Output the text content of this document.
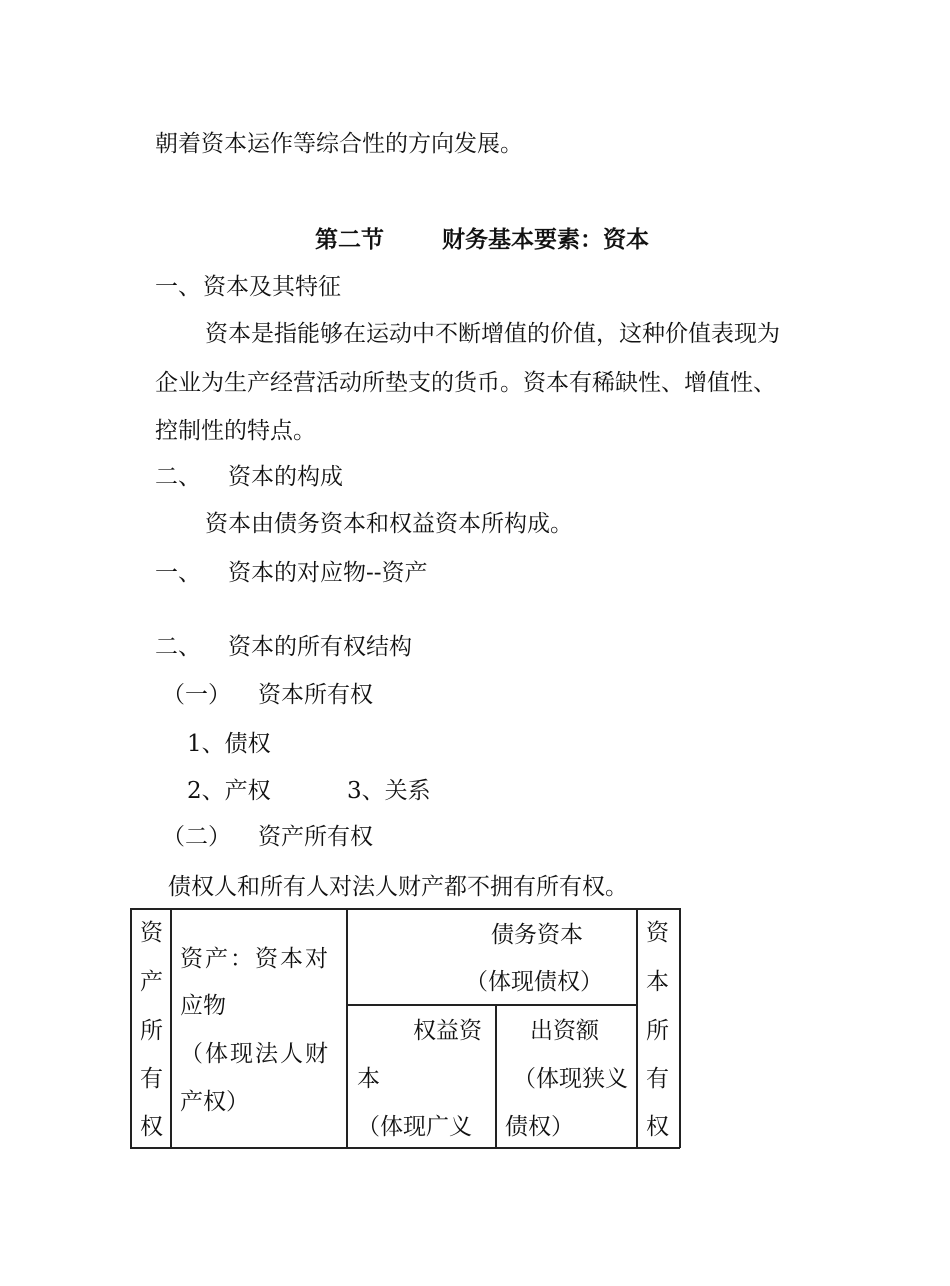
朝着资本运作等综合性的方向发展。
第二节	财务基本要素：资本
一、 资本及其特征
资本是指能够在运动中不断增值的价值，这种价值表现为
企业为生产经营活动所垫支的货币。资本有稀缺性、增值性、
控制性的特点。
二、 资本的构成
资本由债务资本和权益资本所构成。
一、 资本的对应物--资产
二、 资本的所有权结构
（一） 资本所有权
1、债权
2、产权	3、关系
（二） 资产所有权
债权人和所有人对法人财产都不拥有所有权。
资
产
所
有
权
资产：资本对
应物
（体现法人财
产权）
债务资本
（体现债权）
权益资
本
（体现广义
出资额
（体现狭义
债权）
资
本
所
有
权
